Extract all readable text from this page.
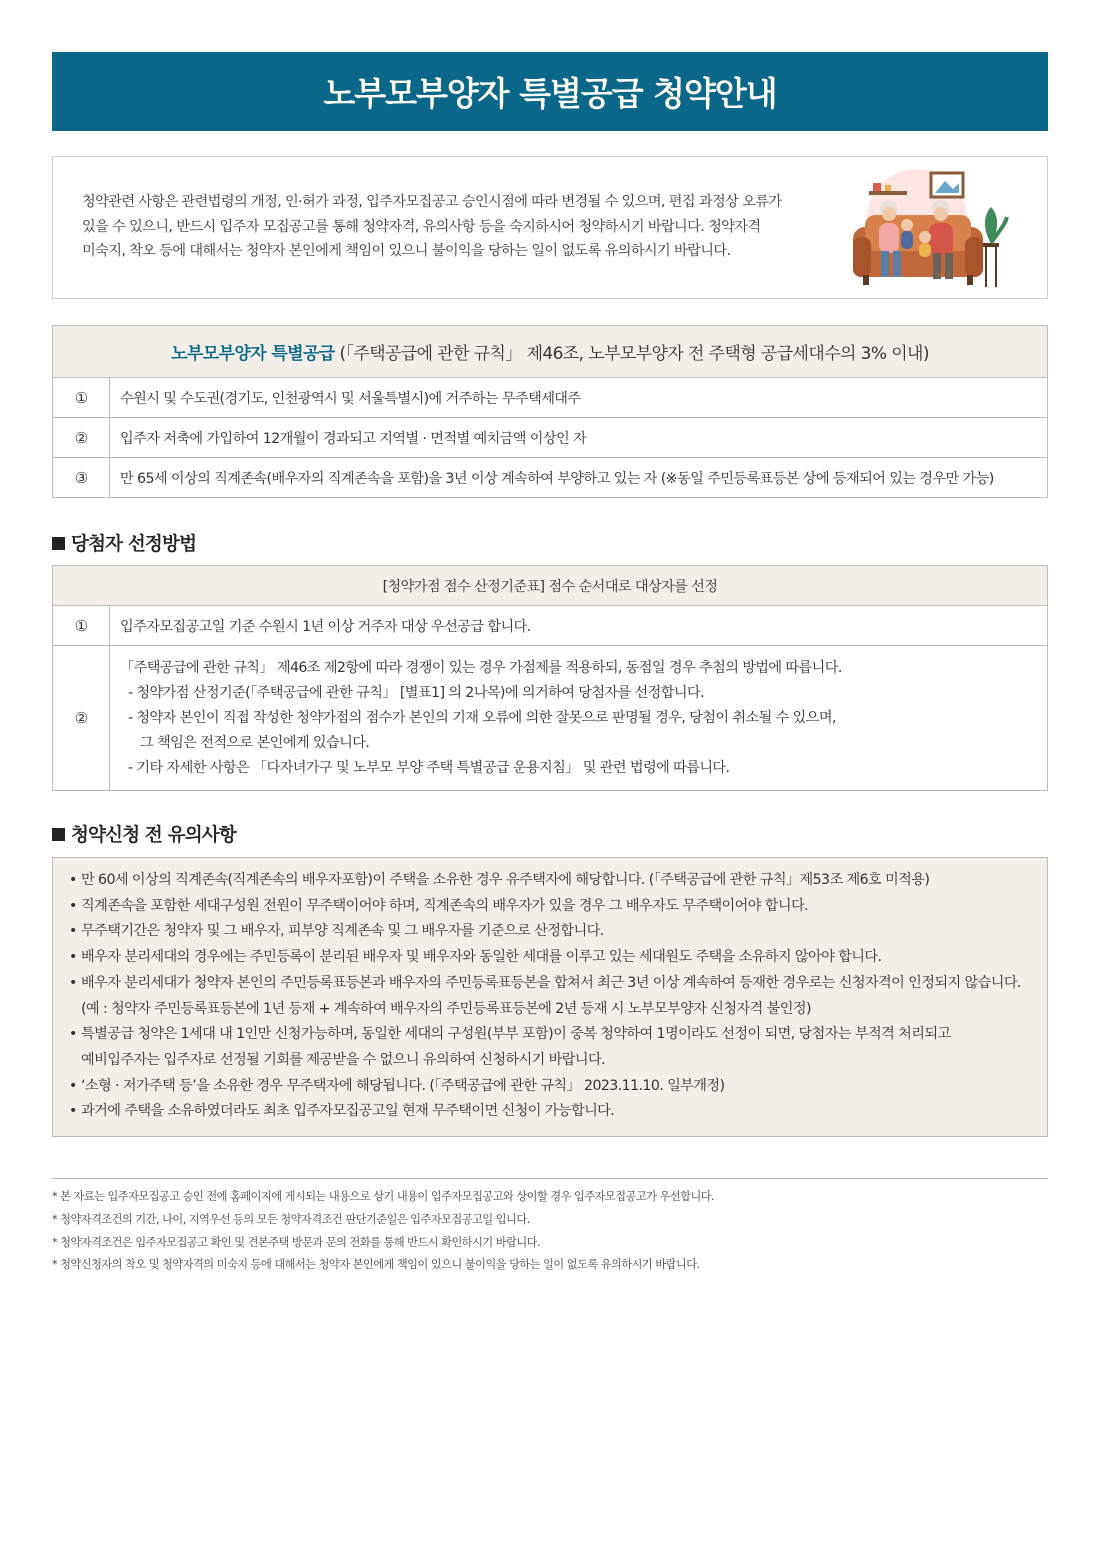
노부모부양자 특별공급 청약안내
청약관련 사항은 관련법령의 개정, 인·허가 과정, 입주자모집공고 승인시점에 따라 변경될 수 있으며, 편집 과정상 오류가
있을 수 있으니, 반드시 입주자 모집공고를 통해 청약자격, 유의사항 등을 숙지하시어 청약하시기 바랍니다. 청약자격
미숙지, 착오 등에 대해서는 청약자 본인에게 책임이 있으니 불이익을 당하는 일이 없도록 유의하시기 바랍니다.
노부모부양자 특별공급 (「주택공급에 관한 규칙」 제46조, 노부모부양자 전 주택형 공급세대수의 3% 이내)	
①	수원시 및 수도권(경기도, 인천광역시 및 서울특별시)에 거주하는 무주택세대주
②	입주자 저축에 가입하여 12개월이 경과되고 지역별 · 면적별 예치금액 이상인 자
③	만 65세 이상의 직계존속(배우자의 직계존속을 포함)을 3년 이상 계속하여 부양하고 있는 자 (※동일 주민등록표등본 상에 등재되어 있는 경우만 가능)
당첨자 선정방법
[청약가점 점수 산정기준표] 점수 순서대로 대상자를 선정	
①	입주자모집공고일 기준 수원시 1년 이상 거주자 대상 우선공급 합니다.
②	「주택공급에 관한 규칙」 제46조 제2항에 따라 경쟁이 있는 경우 가점제를 적용하되, 동점일 경우 추첨의 방법에 따릅니다.
- 청약가점 산정기준(「주택공급에 관한 규칙」 [별표1] 의 2나목)에 의거하여 당첨자를 선정합니다.
- 청약자 본인이 직접 작성한 청약가점의 점수가 본인의 기재 오류에 의한 잘못으로 판명될 경우, 당첨이 취소될 수 있으며,
그 책임은 전적으로 본인에게 있습니다.
- 기타 자세한 사항은 「다자녀가구 및 노부모 부양 주택 특별공급 운용지침」 및 관련 법령에 따릅니다.
청약신청 전 유의사항
• 만 60세 이상의 직계존속(직계존속의 배우자포함)이 주택을 소유한 경우 유주택자에 해당합니다. (「주택공급에 관한 규칙」제53조 제6호 미적용)
• 직계존속을 포함한 세대구성원 전원이 무주택이어야 하며, 직계존속의 배우자가 있을 경우 그 배우자도 무주택이어야 합니다.
• 무주택기간은 청약자 및 그 배우자, 피부양 직계존속 및 그 배우자를 기준으로 산정합니다.
• 배우자 분리세대의 경우에는 주민등록이 분리된 배우자 및 배우자와 동일한 세대를 이루고 있는 세대원도 주택을 소유하지 않아야 합니다.
• 배우자 분리세대가 청약자 본인의 주민등록표등본과 배우자의 주민등록표등본을 합쳐서 최근 3년 이상 계속하여 등재한 경우로는 신청자격이 인정되지 않습니다.
(예 : 청약자 주민등록표등본에 1년 등재 + 계속하여 배우자의 주민등록표등본에 2년 등재 시 노부모부양자 신청자격 불인정)
• 특별공급 청약은 1세대 내 1인만 신청가능하며, 동일한 세대의 구성원(부부 포함)이 중복 청약하여 1명이라도 선정이 되면, 당첨자는 부적격 처리되고
예비입주자는 입주자로 선정될 기회를 제공받을 수 없으니 유의하여 신청하시기 바랍니다.
• ‘소형 · 저가주택 등’을 소유한 경우 무주택자에 해당됩니다. (「주택공급에 관한 규칙」 2023.11.10. 일부개정)
• 과거에 주택을 소유하였더라도 최초 입주자모집공고일 현재 무주택이면 신청이 가능합니다.

* 본 자료는 입주자모집공고 승인 전에 홈페이지에 게시되는 내용으로 상기 내용이 입주자모집공고와 상이할 경우 입주자모집공고가 우선합니다.

* 청약자격조건의 기간, 나이, 지역우선 등의 모든 청약자격조건 판단기준일은 입주자모집공고일 입니다.

* 청약자격조건은 입주자모집공고 확인 및 견본주택 방문과 문의 전화를 통해 반드시 확인하시기 바랍니다.

* 청약신청자의 착오 및 청약자격의 미숙지 등에 대해서는 청약자 본인에게 책임이 있으니 불이익을 당하는 일이 없도록 유의하시기 바랍니다.
